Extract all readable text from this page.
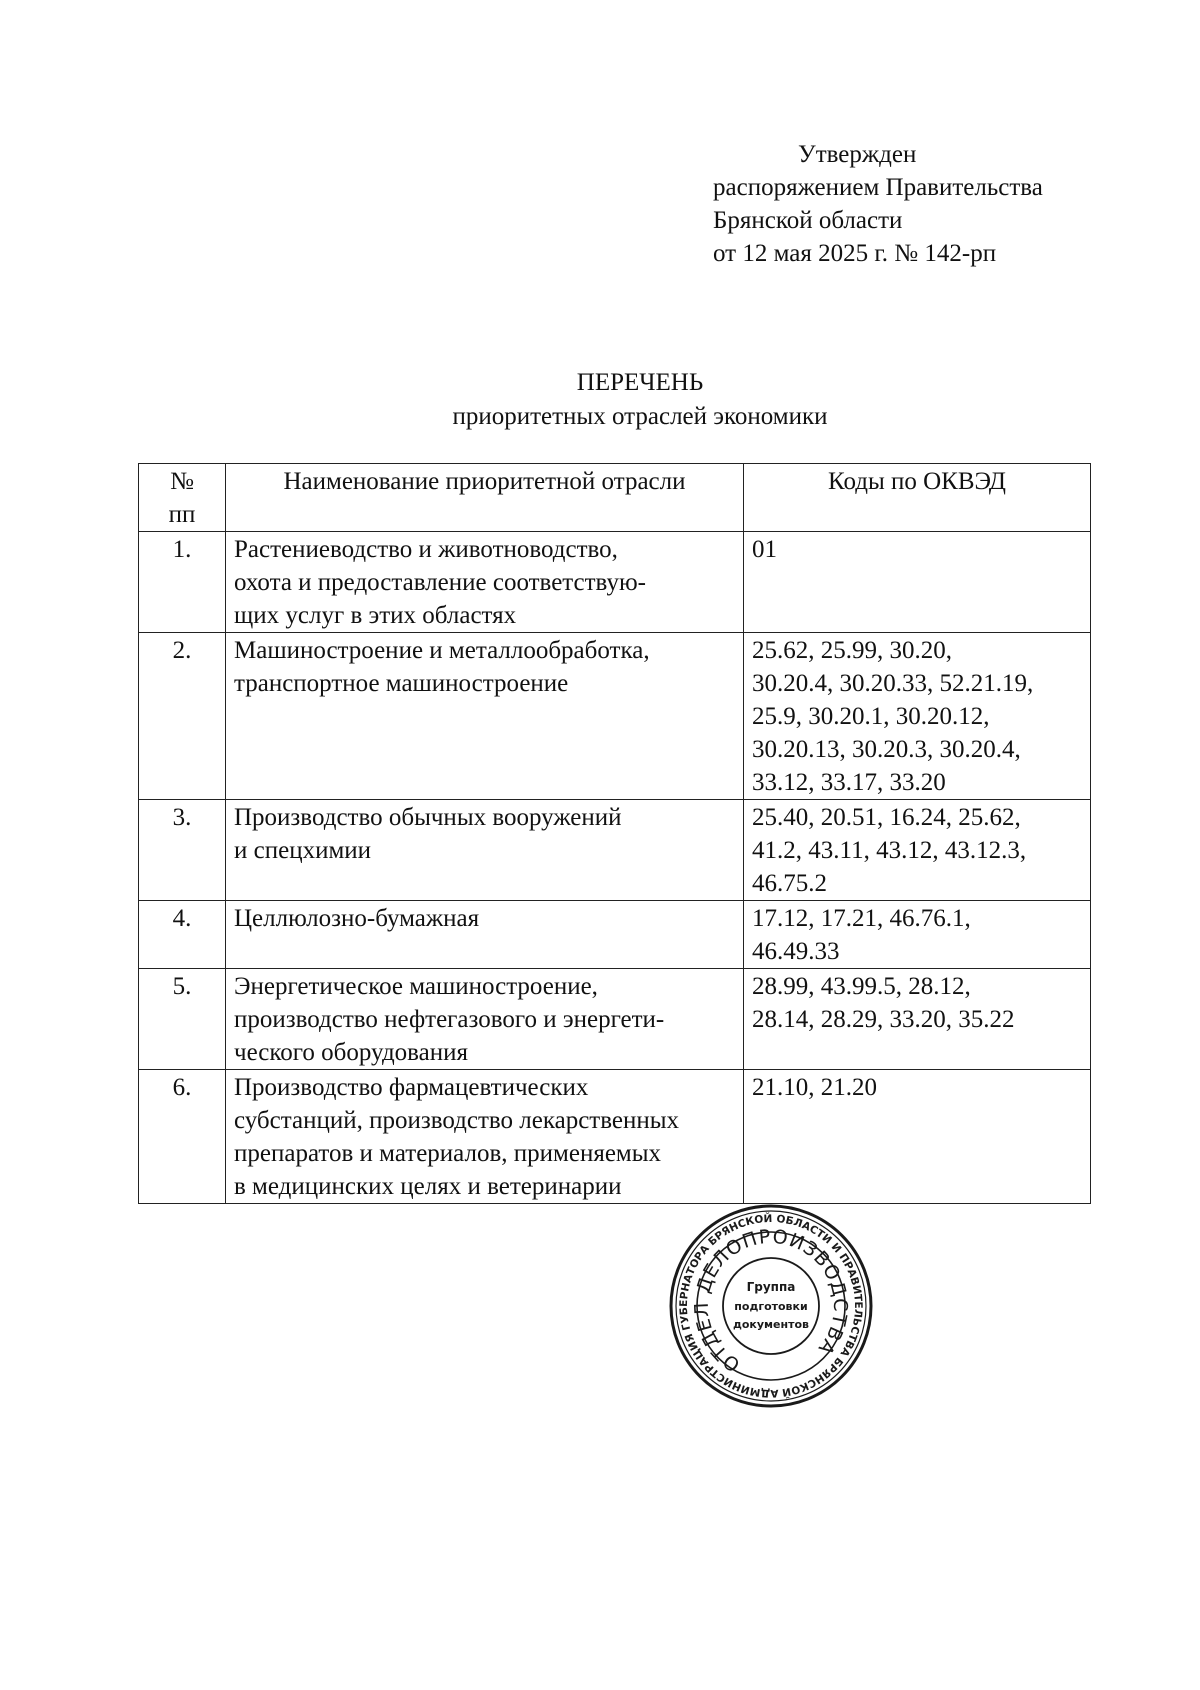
Утвержден
распоряжением Правительства
Брянской области
от 12 мая 2025 г. № 142-рп
ПЕРЕЧЕНЬ
приоритетных отраслей экономики
№
пп	Наименование приоритетной отрасли	Коды по ОКВЭД
1.	Растениеводство и животноводство,
охота и предоставление соответствую-
щих услуг в этих областях	01
2.	Машиностроение и металлообработка,
транспортное машиностроение	25.62, 25.99, 30.20,
30.20.4, 30.20.33, 52.21.19,
25.9, 30.20.1, 30.20.12,
30.20.13, 30.20.3, 30.20.4,
33.12, 33.17, 33.20
3.	Производство обычных вооружений
и спецхимии	25.40, 20.51, 16.24, 25.62,
41.2, 43.11, 43.12, 43.12.3,
46.75.2
4.	Целлюлозно-бумажная	17.12, 17.21, 46.76.1,
46.49.33
5.	Энергетическое машиностроение,
производство нефтегазового и энергети-
ческого оборудования	28.99, 43.99.5, 28.12,
28.14, 28.29, 33.20, 35.22
6.	Производство фармацевтических
субстанций, производство лекарственных
препаратов и материалов, применяемых
в медицинских целях и ветеринарии	21.10, 21.20
АДМИНИСТРАЦИЯ ГУБЕРНАТОРА БРЯНСКОЙ ОБЛАСТИ И ПРАВИТЕЛЬСТВА БРЯНСКОЙ
ОТДЕЛ ДЕЛОПРОИЗВОДСТВА
Группа
подготовки
документов
